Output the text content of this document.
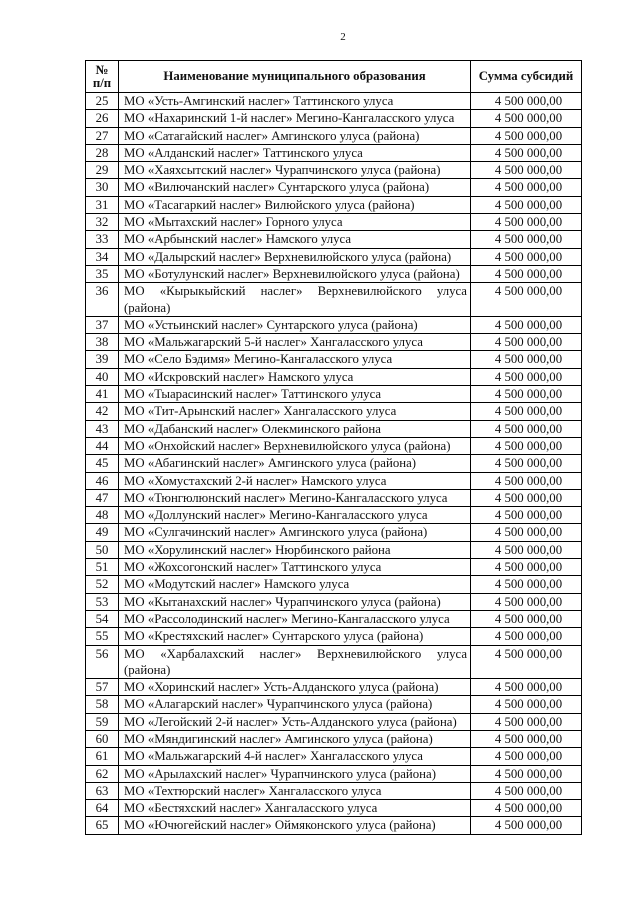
2
№
п/п	Наименование муниципального образования	Сумма субсидий
25	МО «Усть-Амгинский наслег» Таттинского улуса	4 500 000,00
26	МО «Нахаринский 1-й наслег» Мегино-Кангаласского улуса	4 500 000,00
27	МО «Сатагайский наслег» Амгинского улуса (района)	4 500 000,00
28	МО «Алданский наслег» Таттинского улуса	4 500 000,00
29	МО «Хаяхсытский наслег» Чурапчинского улуса (района)	4 500 000,00
30	МО «Вилючанский наслег» Сунтарского улуса (района)	4 500 000,00
31	МО «Тасагаркий наслег» Вилюйского улуса (района)	4 500 000,00
32	МО «Мытахский наслег» Горного улуса	4 500 000,00
33	МО «Арбынский наслег» Намского улуса	4 500 000,00
34	МО «Далырский наслег» Верхневилюйского улуса (района)	4 500 000,00
35	МО «Ботулунский наслег» Верхневилюйского улуса (района)	4 500 000,00
36	МО «Кырыкыйский наслег» Верхневилюйского улуса (района)	4 500 000,00
37	МО «Устьинский наслег» Сунтарского улуса (района)	4 500 000,00
38	МО «Мальжагарский 5-й наслег» Хангаласского улуса	4 500 000,00
39	МО «Село Бэдимя» Мегино-Кангаласского улуса	4 500 000,00
40	МО «Искровский наслег» Намского улуса	4 500 000,00
41	МО «Тыарасинский наслег» Таттинского улуса	4 500 000,00
42	МО «Тит-Арынский наслег» Хангаласского улуса	4 500 000,00
43	МО «Дабанский наслег» Олекминского района	4 500 000,00
44	МО «Онхойский наслег» Верхневилюйского улуса (района)	4 500 000,00
45	МО «Абагинский наслег» Амгинского улуса (района)	4 500 000,00
46	МО «Хомустахский 2-й наслег» Намского улуса	4 500 000,00
47	МО «Тюнгюлюнский наслег» Мегино-Кангаласского улуса	4 500 000,00
48	МО «Доллунский наслег» Мегино-Кангаласского улуса	4 500 000,00
49	МО «Сулгачинский наслег» Амгинского улуса (района)	4 500 000,00
50	МО «Хорулинский наслег» Нюрбинского района	4 500 000,00
51	МО «Жохсогонский наслег» Таттинского улуса	4 500 000,00
52	МО «Модутский наслег» Намского улуса	4 500 000,00
53	МО «Кытанахский наслег» Чурапчинского улуса (района)	4 500 000,00
54	МО «Рассолодинский наслег» Мегино-Кангаласского улуса	4 500 000,00
55	МО «Крестяхский наслег» Сунтарского улуса (района)	4 500 000,00
56	МО «Харбалахский наслег» Верхневилюйского улуса (района)	4 500 000,00
57	МО «Хоринский наслег» Усть-Алданского улуса (района)	4 500 000,00
58	МО «Алагарский наслег» Чурапчинского улуса (района)	4 500 000,00
59	МО «Легойский 2-й наслег» Усть-Алданского улуса (района)	4 500 000,00
60	МО «Мяндигинский наслег» Амгинского улуса (района)	4 500 000,00
61	МО «Мальжагарский 4-й наслег» Хангаласского улуса	4 500 000,00
62	МО «Арылахский наслег» Чурапчинского улуса (района)	4 500 000,00
63	МО «Техтюрский наслег» Хангаласского улуса	4 500 000,00
64	МО «Бестяхский наслег» Хангаласского улуса	4 500 000,00
65	МО «Ючюгейский наслег» Оймяконского улуса (района)	4 500 000,00
